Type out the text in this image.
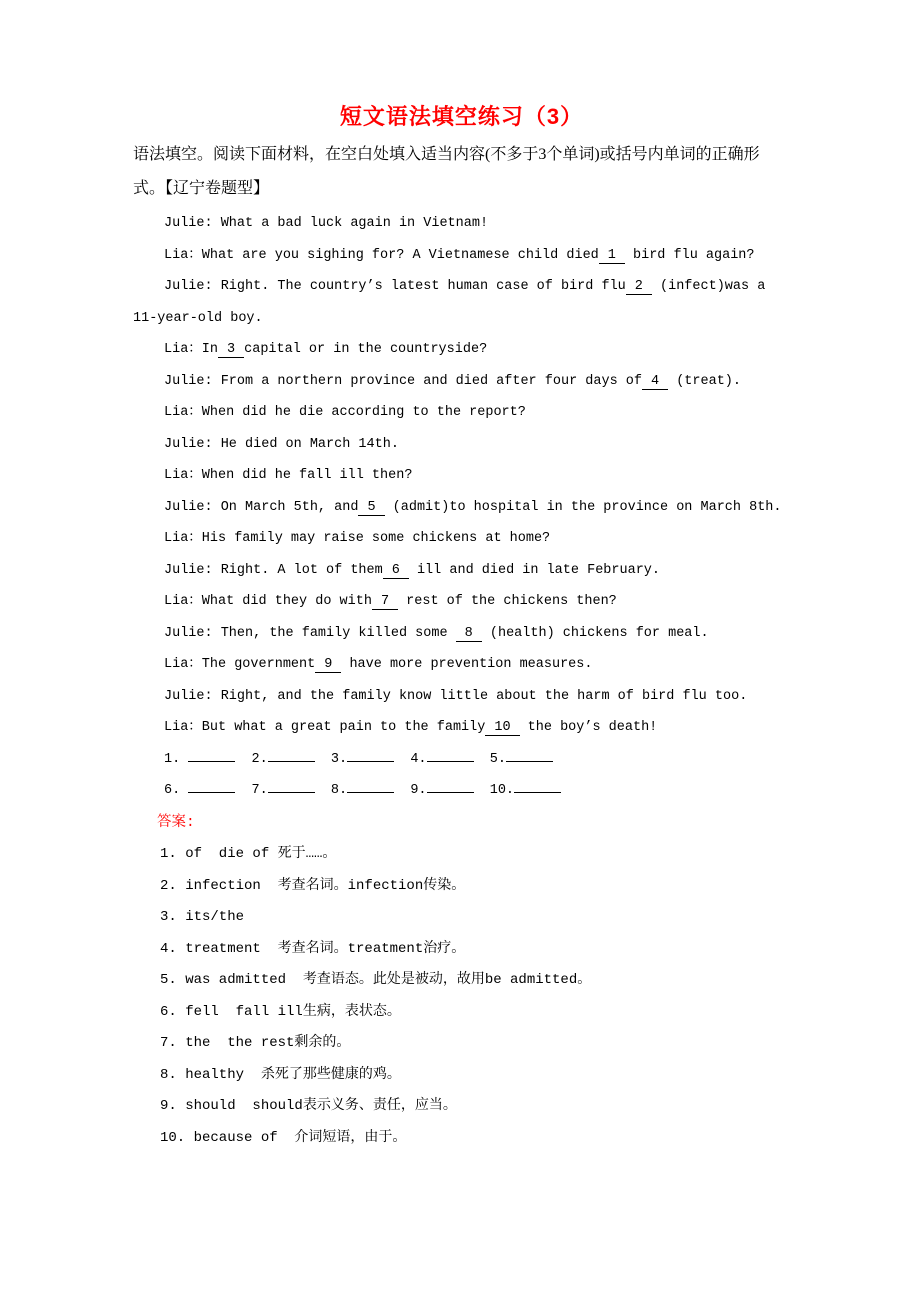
短文语法填空练习（3）
语法填空。阅读下面材料，在空白处填入适当内容(不多于3个单词)或括号内单词的正确形
式。【辽宁卷题型】
Julie: What a bad luck again in Vietnam!
Lia：What are you sighing for? A Vietnamese child died 1 bird flu again?
Julie: Right. The country’s latest human case of bird flu 2 (infect)was a
11-year-old boy.
Lia：In 3 capital or in the countryside?
Julie: From a northern province and died after four days of 4 (treat).
Lia：When did he die according to the report?
Julie: He died on March 14th.
Lia：When did he fall ill then?
Julie: On March 5th, and 5 (admit)to hospital in the province on March 8th.
Lia：His family may raise some chickens at home?
Julie: Right. A lot of them 6 ill and died in late February.
Lia：What did they do with 7 rest of the chickens then?
Julie: Then, the family killed some 8 (health) chickens for meal.
Lia：The government 9 have more prevention measures.
Julie: Right, and the family know little about the harm of bird flu too.
Lia：But what a great pain to the family 10 the boy’s death!
1.	2.	3.	4.	5.
6.	7.	8.	9.	10.
答案:
1. of  die of 死于……。
2. infection  考查名词。infection传染。
3. its/the
4. treatment  考查名词。treatment治疗。
5. was admitted  考查语态。此处是被动，故用be admitted。
6. fell  fall ill生病，表状态。
7. the  the rest剩余的。
8. healthy  杀死了那些健康的鸡。
9. should  should表示义务、责任，应当。
10. because of  介词短语，由于。
